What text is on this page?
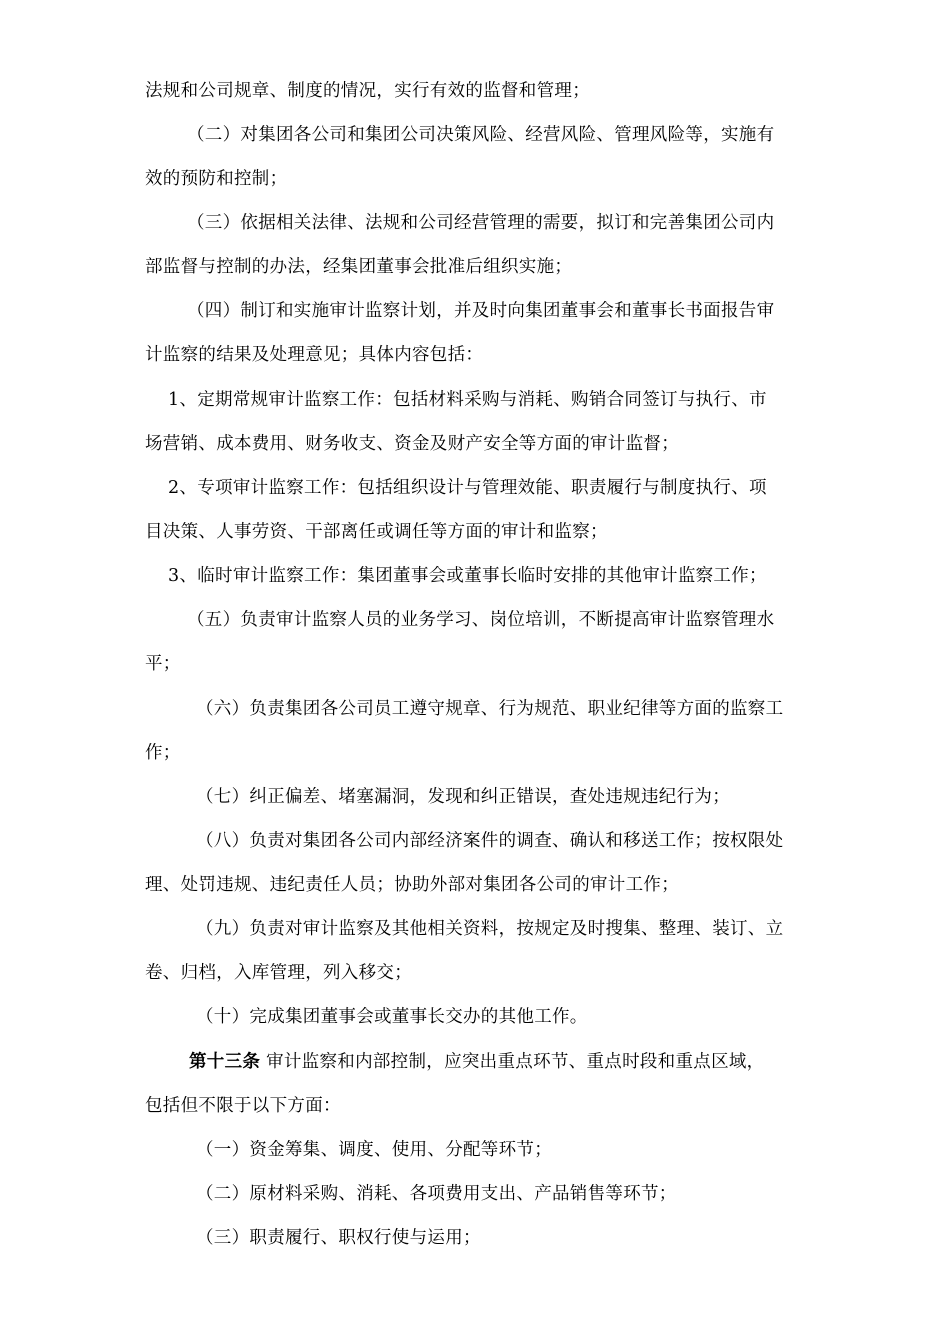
法规和公司规章、制度的情况，实行有效的监督和管理；
（二）对集团各公司和集团公司决策风险、经营风险、管理风险等，实施有
效的预防和控制；
（三）依据相关法律、法规和公司经营管理的需要，拟订和完善集团公司内
部监督与控制的办法，经集团董事会批准后组织实施；
（四）制订和实施审计监察计划，并及时向集团董事会和董事长书面报告审
计监察的结果及处理意见；具体内容包括：
1、定期常规审计监察工作：包括材料采购与消耗、购销合同签订与执行、市
场营销、成本费用、财务收支、资金及财产安全等方面的审计监督；
2、专项审计监察工作：包括组织设计与管理效能、职责履行与制度执行、项
目决策、人事劳资、干部离任或调任等方面的审计和监察；
3、临时审计监察工作：集团董事会或董事长临时安排的其他审计监察工作；
（五）负责审计监察人员的业务学习、岗位培训，不断提高审计监察管理水
平；
（六）负责集团各公司员工遵守规章、行为规范、职业纪律等方面的监察工
作；
（七）纠正偏差、堵塞漏洞，发现和纠正错误，查处违规违纪行为；
（八）负责对集团各公司内部经济案件的调查、确认和移送工作；按权限处
理、处罚违规、违纪责任人员；协助外部对集团各公司的审计工作；
（九）负责对审计监察及其他相关资料，按规定及时搜集、整理、装订、立
卷、归档，入库管理，列入移交；
（十）完成集团董事会或董事长交办的其他工作。
第十三条 审计监察和内部控制，应突出重点环节、重点时段和重点区域，
包括但不限于以下方面：
（一）资金筹集、调度、使用、分配等环节；
（二）原材料采购、消耗、各项费用支出、产品销售等环节；
（三）职责履行、职权行使与运用；
